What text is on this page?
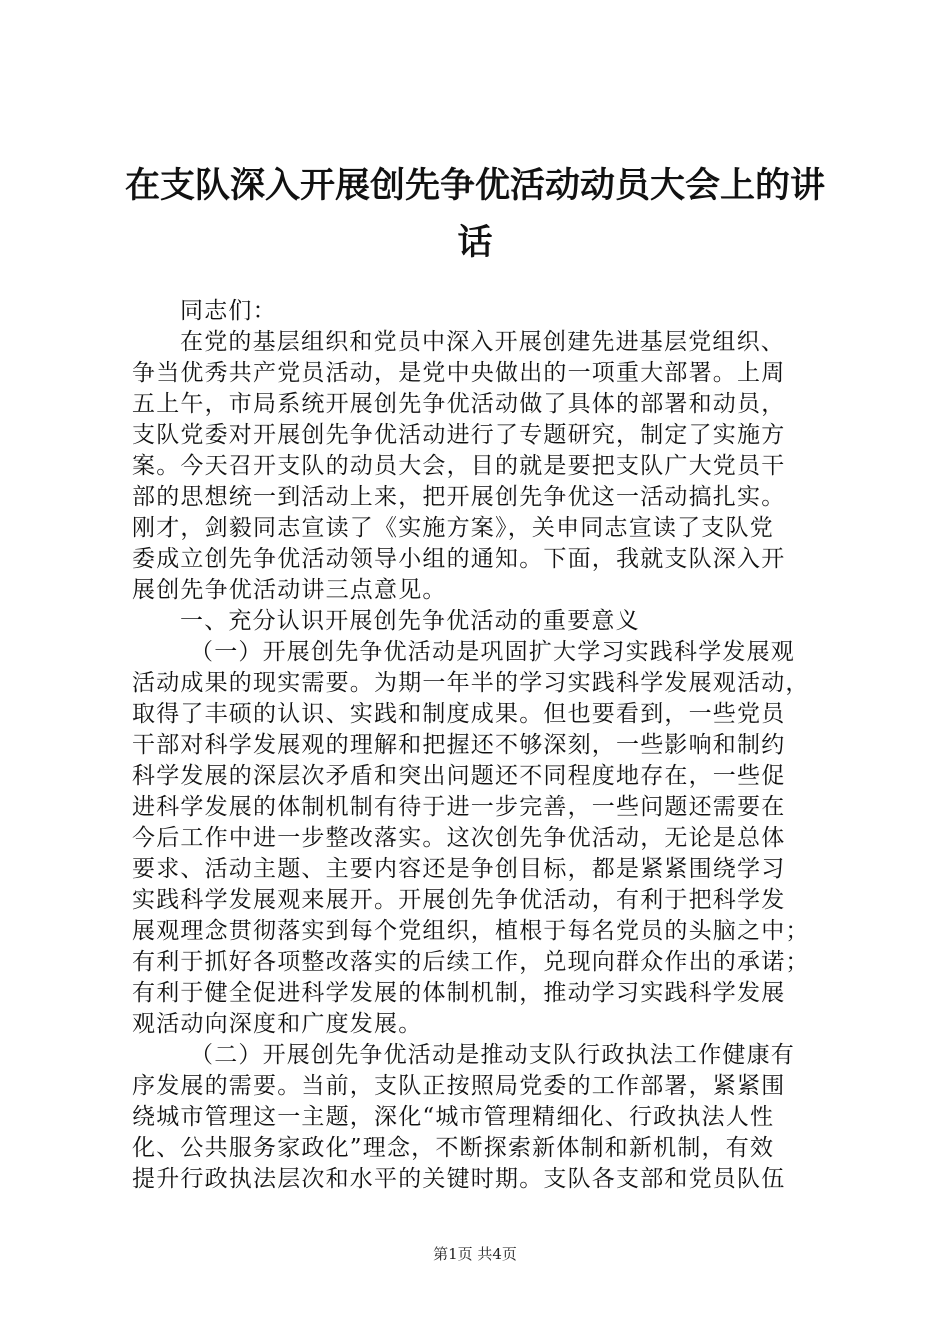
在支队深入开展创先争优活动动员大会上的讲
话
同志们：
在党的基层组织和党员中深入开展创建先进基层党组织、
争当优秀共产党员活动，是党中央做出的一项重大部署。上周
五上午，市局系统开展创先争优活动做了具体的部署和动员，
支队党委对开展创先争优活动进行了专题研究，制定了实施方
案。今天召开支队的动员大会，目的就是要把支队广大党员干
部的思想统一到活动上来，把开展创先争优这一活动搞扎实。
刚才，剑毅同志宣读了《实施方案》，关申同志宣读了支队党
委成立创先争优活动领导小组的通知。下面，我就支队深入开
展创先争优活动讲三点意见。
一、充分认识开展创先争优活动的重要意义
（一）开展创先争优活动是巩固扩大学习实践科学发展观
活动成果的现实需要。为期一年半的学习实践科学发展观活动，
取得了丰硕的认识、实践和制度成果。但也要看到，一些党员
干部对科学发展观的理解和把握还不够深刻，一些影响和制约
科学发展的深层次矛盾和突出问题还不同程度地存在，一些促
进科学发展的体制机制有待于进一步完善，一些问题还需要在
今后工作中进一步整改落实。这次创先争优活动，无论是总体
要求、活动主题、主要内容还是争创目标，都是紧紧围绕学习
实践科学发展观来展开。开展创先争优活动，有利于把科学发
展观理念贯彻落实到每个党组织，植根于每名党员的头脑之中；
有利于抓好各项整改落实的后续工作，兑现向群众作出的承诺；
有利于健全促进科学发展的体制机制，推动学习实践科学发展
观活动向深度和广度发展。
（二）开展创先争优活动是推动支队行政执法工作健康有
序发展的需要。当前，支队正按照局党委的工作部署，紧紧围
绕城市管理这一主题，深化“城市管理精细化、行政执法人性
化、公共服务家政化”理念，不断探索新体制和新机制，有效
提升行政执法层次和水平的关键时期。支队各支部和党员队伍
第1页 共4页
